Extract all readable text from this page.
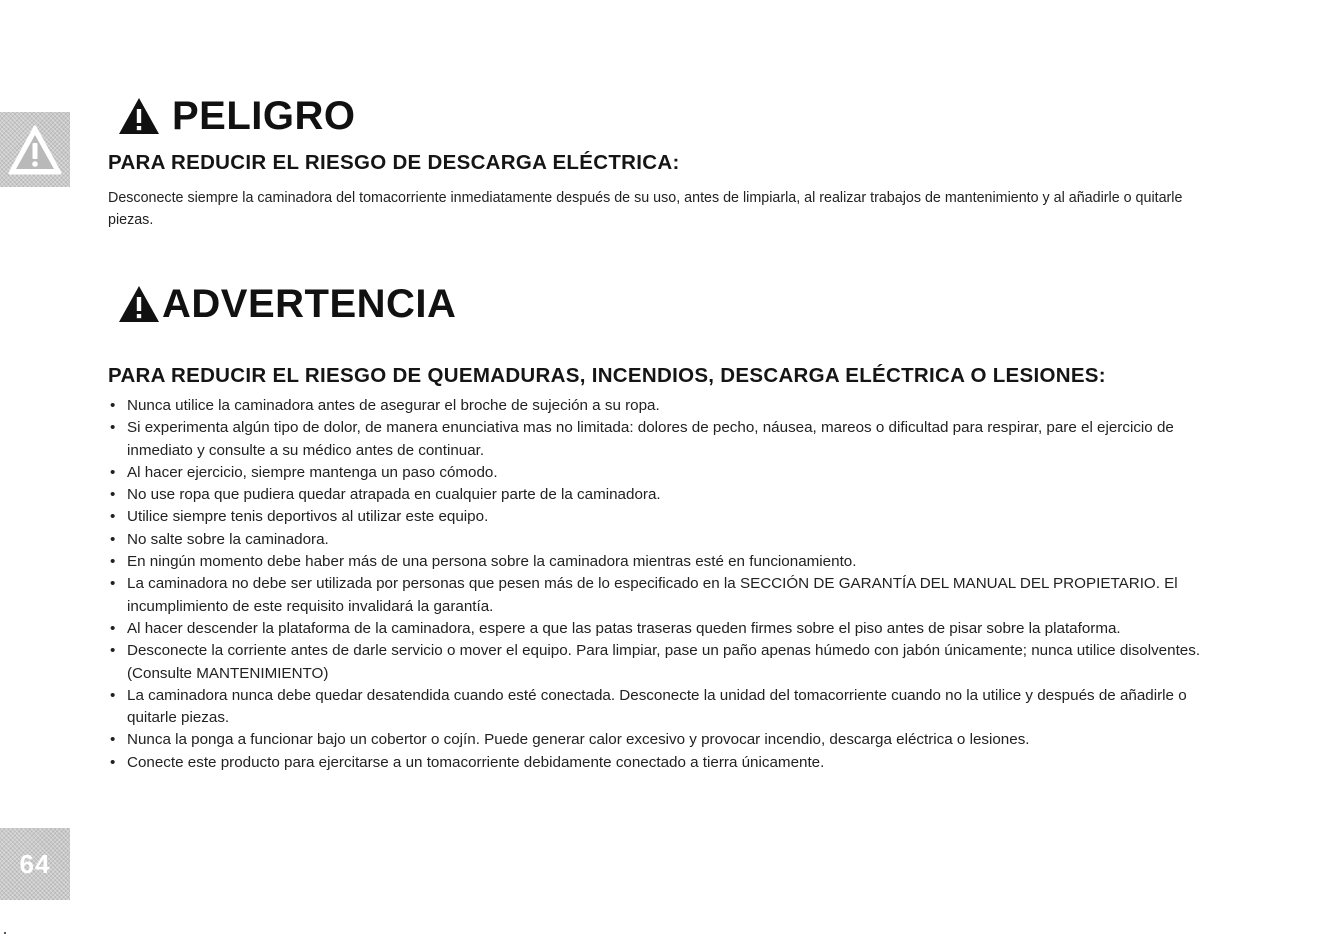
PELIGRO
PARA REDUCIR EL RIESGO DE DESCARGA ELÉCTRICA:

Desconecte siempre la caminadora del tomacorriente inmediatamente después de su uso, antes de limpiarla, al realizar trabajos de mantenimiento y al añadirle o quitarle piezas.

ADVERTENCIA
PARA REDUCIR EL RIESGO DE QUEMADURAS, INCENDIOS, DESCARGA ELÉCTRICA O LESIONES:
• Nunca utilice la caminadora antes de asegurar el broche de sujeción a su ropa.
• Si experimenta algún tipo de dolor, de manera enunciativa mas no limitada: dolores de pecho, náusea, mareos o dificultad para respirar, pare el ejercicio de inmediato y consulte a su médico antes de continuar.
• Al hacer ejercicio, siempre mantenga un paso cómodo.
• No use ropa que pudiera quedar atrapada en cualquier parte de la caminadora.
• Utilice siempre tenis deportivos al utilizar este equipo.
• No salte sobre la caminadora.
• En ningún momento debe haber más de una persona sobre la caminadora mientras esté en funcionamiento.
• La caminadora no debe ser utilizada por personas que pesen más de lo especificado en la SECCIÓN DE GARANTÍA DEL MANUAL DEL PROPIETARIO. El incumplimiento de este requisito invalidará la garantía.
• Al hacer descender la plataforma de la caminadora, espere a que las patas traseras queden firmes sobre el piso antes de pisar sobre la plataforma.
• Desconecte la corriente antes de darle servicio o mover el equipo. Para limpiar, pase un paño apenas húmedo con jabón únicamente; nunca utilice disolventes. (Consulte MANTENIMIENTO)
• La caminadora nunca debe quedar desatendida cuando esté conectada. Desconecte la unidad del tomacorriente cuando no la utilice y después de añadirle o quitarle piezas.
• Nunca la ponga a funcionar bajo un cobertor o cojín. Puede generar calor excesivo y provocar incendio, descarga eléctrica o lesiones.
• Conecte este producto para ejercitarse a un tomacorriente debidamente conectado a tierra únicamente.
64
